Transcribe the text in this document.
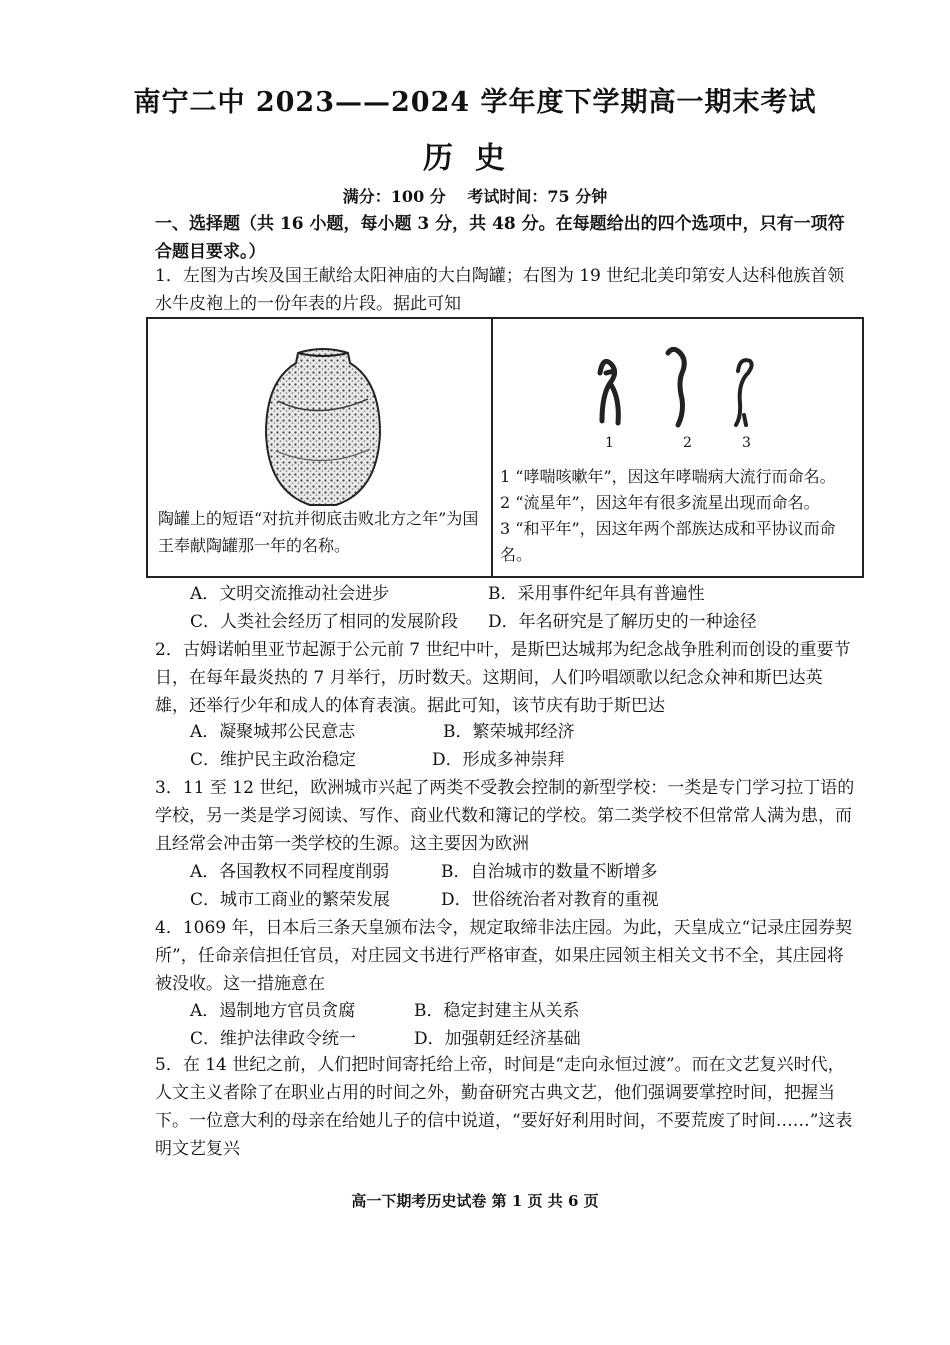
南宁二中 2023——2024 学年度下学期高一期末考试
历史
满分：100 分 考试时间：75 分钟
一、选择题（共 16 小题，每小题 3 分，共 48 分。在每题给出的四个选项中，只有一项符合题目要求。）
1．左图为古埃及国王献给太阳神庙的大白陶罐；右图为 19 世纪北美印第安人达科他族首领水牛皮袍上的一份年表的片段。据此可知
陶罐上的短语“对抗并彻底击败北方之年”为国王奉献陶罐那一年的名称。
1	2	3
1 “哮喘咳嗽年”，因这年哮喘病大流行而命名。
2 “流星年”，因这年有很多流星出现而命名。
3 “和平年”，因这年两个部族达成和平协议而命名。
A．文明交流推动社会进步	B．采用事件纪年具有普遍性
C．人类社会经历了相同的发展阶段 D．年名研究是了解历史的一种途径
2．古姆诺帕里亚节起源于公元前 7 世纪中叶，是斯巴达城邦为纪念战争胜利而创设的重要节日，在每年最炎热的 7 月举行，历时数天。这期间，人们吟唱颂歌以纪念众神和斯巴达英雄，还举行少年和成人的体育表演。据此可知，该节庆有助于斯巴达
A．凝聚城邦公民意志	B．繁荣城邦经济
C．维护民主政治稳定	D．形成多神崇拜
3．11 至 12 世纪，欧洲城市兴起了两类不受教会控制的新型学校：一类是专门学习拉丁语的学校，另一类是学习阅读、写作、商业代数和簿记的学校。第二类学校不但常常人满为患，而且经常会冲击第一类学校的生源。这主要因为欧洲
A．各国教权不同程度削弱	B．自治城市的数量不断增多
C．城市工商业的繁荣发展	D．世俗统治者对教育的重视
4．1069 年，日本后三条天皇颁布法令，规定取缔非法庄园。为此，天皇成立“记录庄园券契所”，任命亲信担任官员，对庄园文书进行严格审查，如果庄园领主相关文书不全，其庄园将被没收。这一措施意在
A．遏制地方官员贪腐	B．稳定封建主从关系
C．维护法律政令统一	D．加强朝廷经济基础
5．在 14 世纪之前，人们把时间寄托给上帝，时间是“走向永恒过渡”。而在文艺复兴时代，人文主义者除了在职业占用的时间之外，勤奋研究古典文艺，他们强调要掌控时间，把握当下。一位意大利的母亲在给她儿子的信中说道，“要好好利用时间，不要荒废了时间……”这表明文艺复兴
高一下期考历史试卷 第 1 页 共 6 页
